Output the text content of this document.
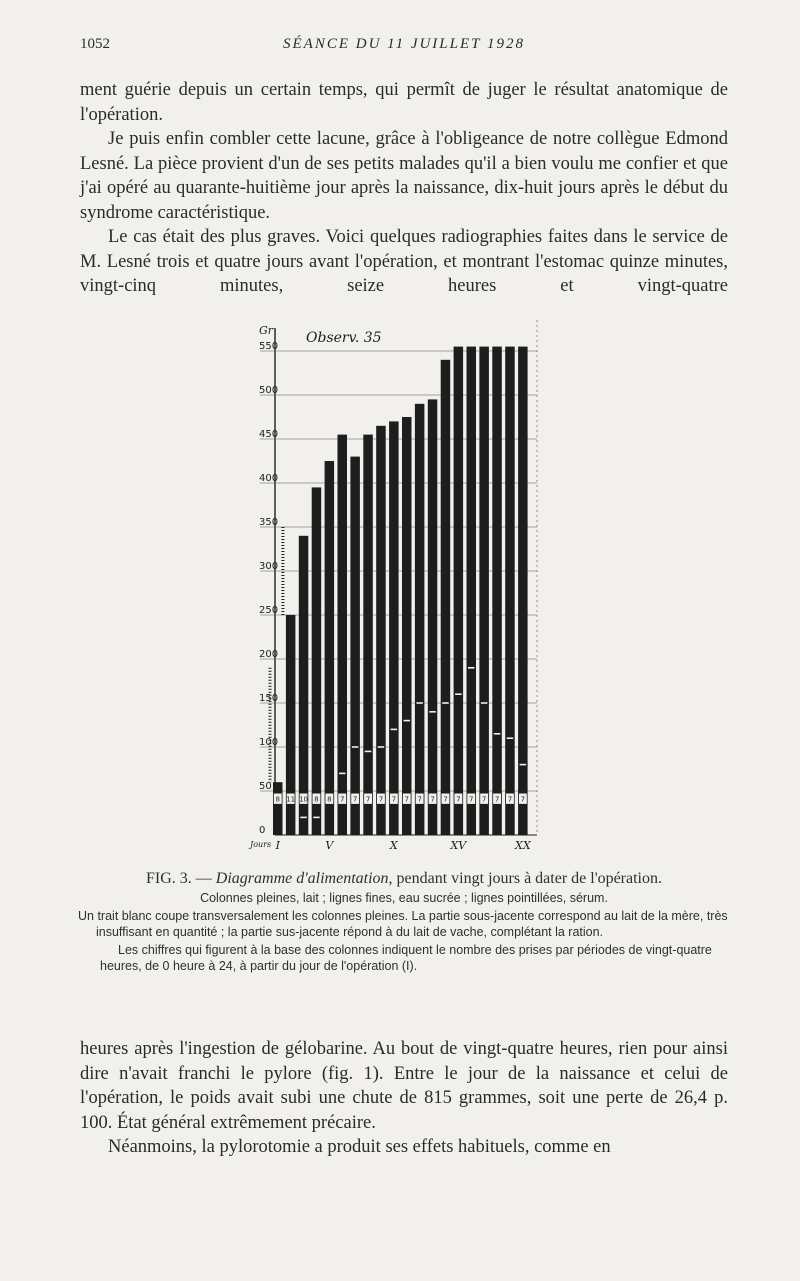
1052	SÉANCE DU 11 JUILLET 1928

ment guérie depuis un certain temps, qui permît de juger le résultat anatomique de l'opération.

Je puis enfin combler cette lacune, grâce à l'obligeance de notre collègue Edmond Lesné. La pièce provient d'un de ses petits malades qu'il a bien voulu me confier et que j'ai opéré au quarante-huitième jour après la naissance, dix-huit jours après le début du syndrome caractéristique.

Le cas était des plus graves. Voici quelques radiographies faites dans le service de M. Lesné trois et quatre jours avant l'opération, et montrant l'estomac quinze minutes, vingt-cinq minutes, seize heures et vingt-quatre

0
50
100
150
200
250
300
350
400
450
500
550
Gr Observ. 35
8 11 10 8 8 7 7 7 7 7 7 7 7 7 7 7 7 7 7 7
Jours I	V	X	XV	XX
FIG. 3. — Diagramme d'alimentation, pendant vingt jours à dater de l'opération.
Colonnes pleines, lait ; lignes fines, eau sucrée ; lignes pointillées, sérum.
Un trait blanc coupe transversalement les colonnes pleines. La partie sous-jacente correspond au lait de la mère, très insuffisant en quantité ; la partie sus-jacente répond à du lait de vache, complétant la ration.
Les chiffres qui figurent à la base des colonnes indiquent le nombre des prises par périodes de vingt-quatre heures, de 0 heure à 24, à partir du jour de l'opération (I).

heures après l'ingestion de gélobarine. Au bout de vingt-quatre heures, rien pour ainsi dire n'avait franchi le pylore (fig. 1). Entre le jour de la naissance et celui de l'opération, le poids avait subi une chute de 815 grammes, soit une perte de 26,4 p. 100. État général extrêmement précaire.

Néanmoins, la pylorotomie a produit ses effets habituels, comme en
